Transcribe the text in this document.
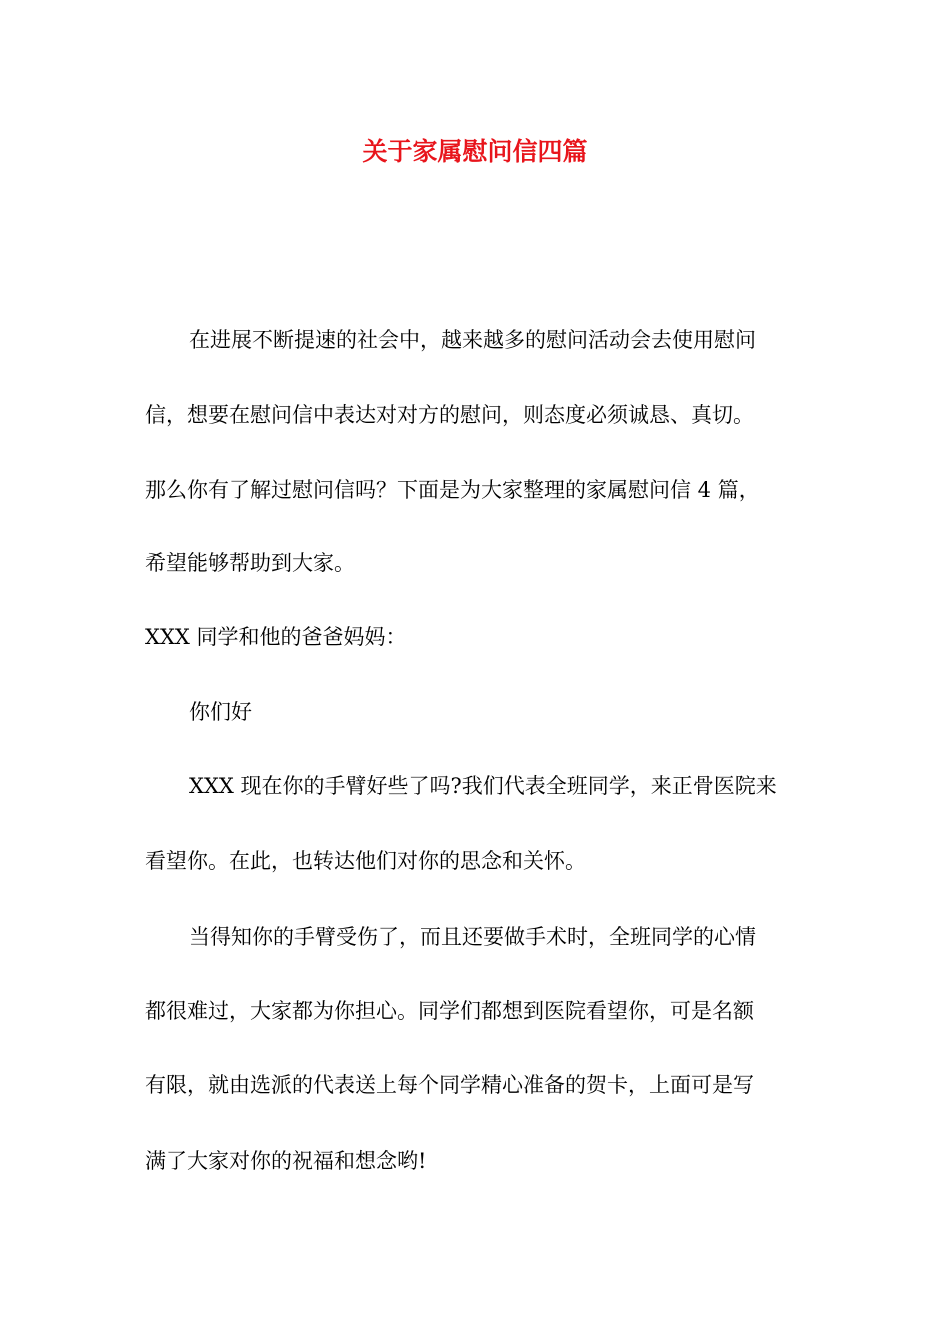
关于家属慰问信四篇
在进展不断提速的社会中，越来越多的慰问活动会去使用慰问
信，想要在慰问信中表达对对方的慰问，则态度必须诚恳、真切。
那么你有了解过慰问信吗？下面是为大家整理的家属慰问信 4 篇，
希望能够帮助到大家。
XXX 同学和他的爸爸妈妈：
你们好
XXX 现在你的手臂好些了吗?我们代表全班同学，来正骨医院来
看望你。在此，也转达他们对你的思念和关怀。
当得知你的手臂受伤了，而且还要做手术时，全班同学的心情
都很难过，大家都为你担心。同学们都想到医院看望你，可是名额
有限，就由选派的代表送上每个同学精心准备的贺卡，上面可是写
满了大家对你的祝福和想念哟!
